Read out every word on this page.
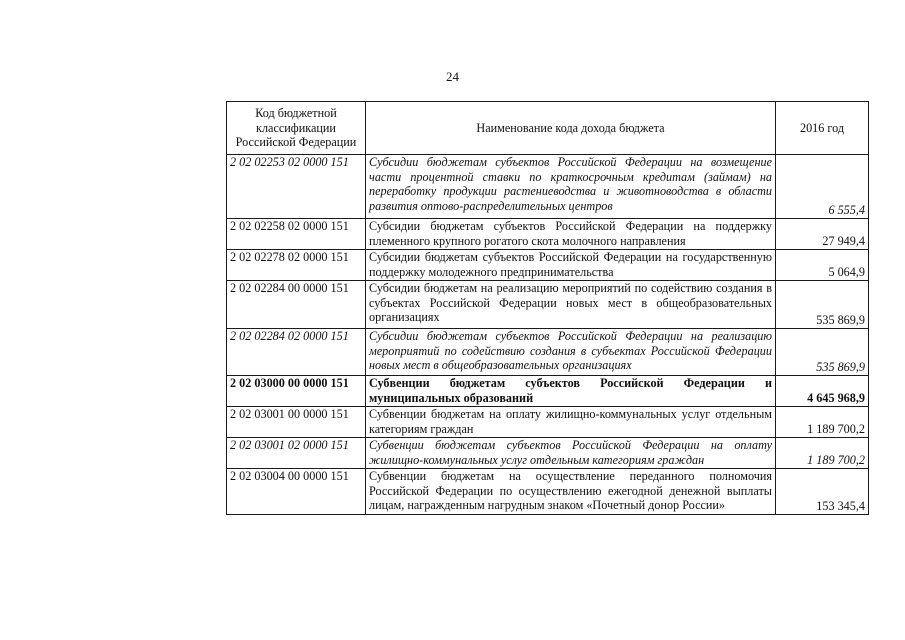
24
Код бюджетной классификации Российской Федерации	Наименование кода дохода бюджета	2016 год
2 02 02253 02 0000 151	Субсидии бюджетам субъектов Российской Федерации на возмещение части процентной ставки по краткосрочным кредитам (займам) на переработку продукции растениеводства и животноводства в области развития оптово-распределительных центров	6 555,4
2 02 02258 02 0000 151	Субсидии бюджетам субъектов Российской Федерации на поддержку племенного крупного рогатого скота молочного направления	27 949,4
2 02 02278 02 0000 151	Субсидии бюджетам субъектов Российской Федерации на государственную поддержку молодежного предпринимательства	5 064,9
2 02 02284 00 0000 151	Субсидии бюджетам на реализацию мероприятий по содействию создания в субъектах Российской Федерации новых мест в общеобразовательных организациях	535 869,9
2 02 02284 02 0000 151	Субсидии бюджетам субъектов Российской Федерации на реализацию мероприятий по содействию создания в субъектах Российской Федерации новых мест в общеобразовательных организациях	535 869,9
2 02 03000 00 0000 151	Субвенции бюджетам субъектов Российской Федерации и муниципальных образований	4 645 968,9
2 02 03001 00 0000 151	Субвенции бюджетам на оплату жилищно-коммунальных услуг отдельным категориям граждан	1 189 700,2
2 02 03001 02 0000 151	Субвенции бюджетам субъектов Российской Федерации на оплату жилищно-коммунальных услуг отдельным категориям граждан	1 189 700,2
2 02 03004 00 0000 151	Субвенции бюджетам на осуществление переданного полномочия Российской Федерации по осуществлению ежегодной денежной выплаты лицам, награжденным нагрудным знаком «Почетный донор России»	153 345,4
